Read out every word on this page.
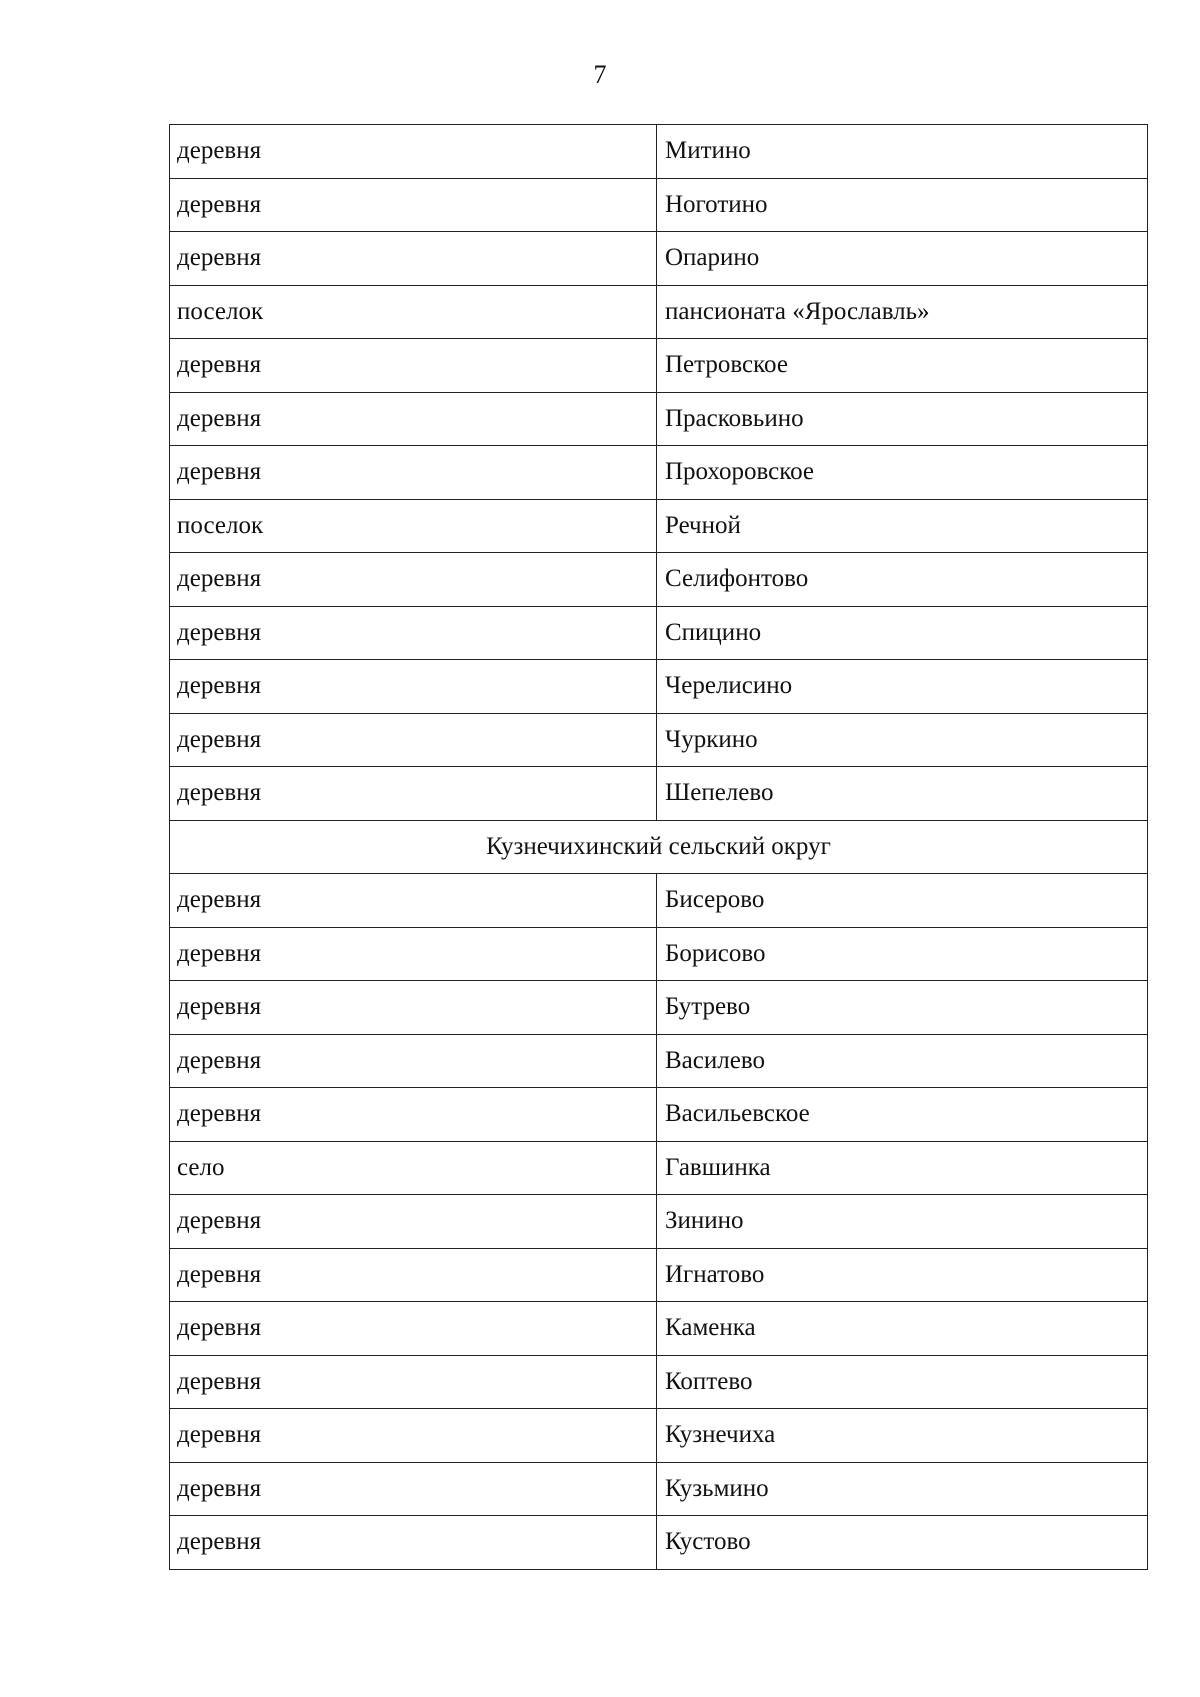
7
деревня	Митино
деревня	Ноготино
деревня	Опарино
поселок	пансионата «Ярославль»
деревня	Петровское
деревня	Прасковьино
деревня	Прохоровское
поселок	Речной
деревня	Селифонтово
деревня	Спицино
деревня	Черелисино
деревня	Чуркино
деревня	Шепелево
Кузнечихинский сельский округ	
деревня	Бисерово
деревня	Борисово
деревня	Бутрево
деревня	Василево
деревня	Васильевское
село	Гавшинка
деревня	Зинино
деревня	Игнатово
деревня	Каменка
деревня	Коптево
деревня	Кузнечиха
деревня	Кузьмино
деревня	Кустово
